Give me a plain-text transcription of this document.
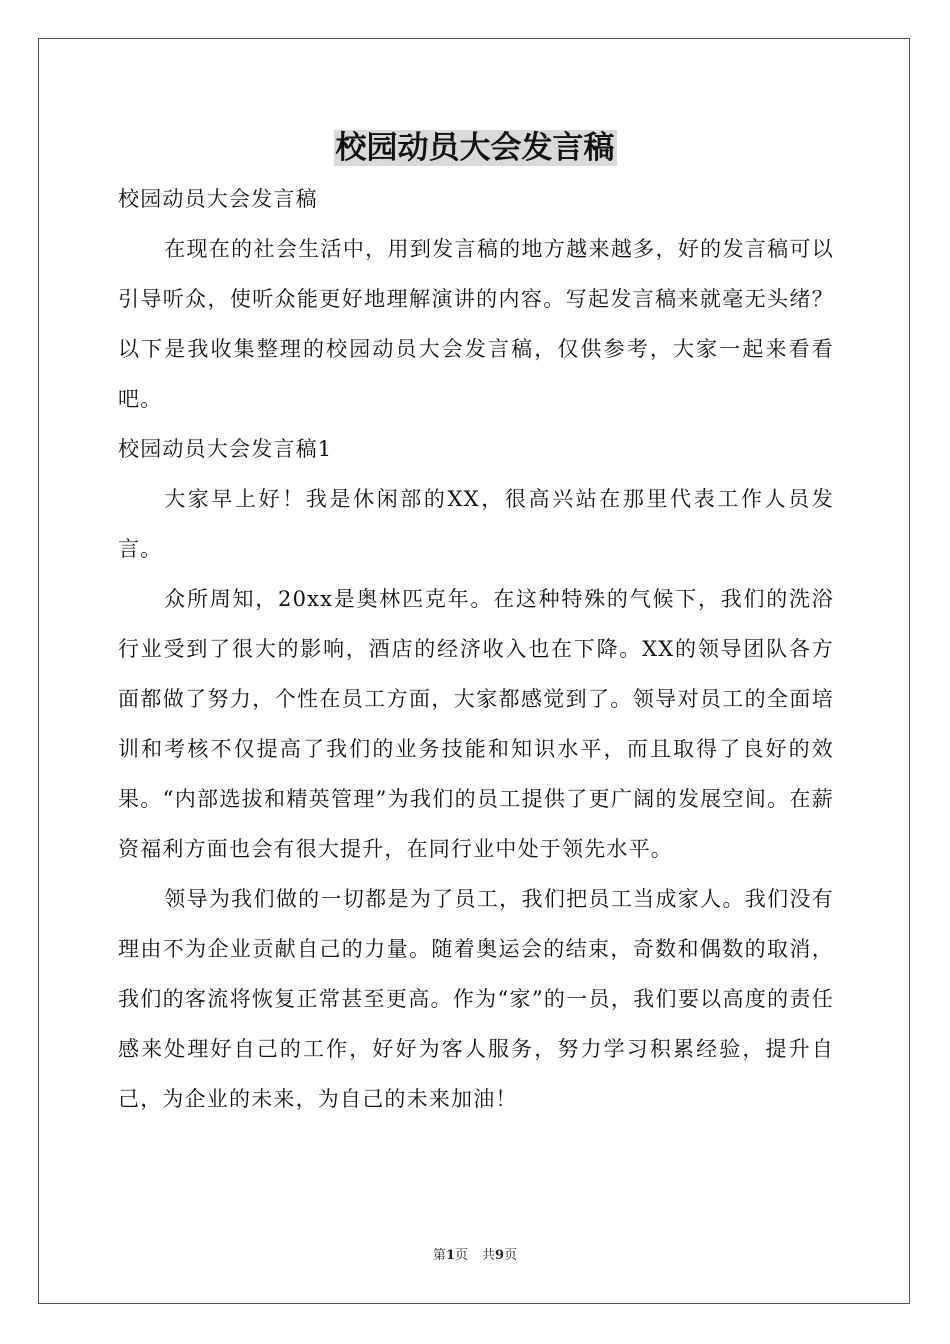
校园动员大会发言稿

校园动员大会发言稿

在现在的社会生活中，用到发言稿的地方越来越多，好的发言稿可以引导听众，使听众能更好地理解演讲的内容。写起发言稿来就毫无头绪？以下是我收集整理的校园动员大会发言稿，仅供参考，大家一起来看看吧。

校园动员大会发言稿1

大家早上好！我是休闲部的XX，很高兴站在那里代表工作人员发言。

众所周知，20xx是奥林匹克年。在这种特殊的气候下，我们的洗浴行业受到了很大的影响，酒店的经济收入也在下降。XX的领导团队各方面都做了努力，个性在员工方面，大家都感觉到了。领导对员工的全面培训和考核不仅提高了我们的业务技能和知识水平，而且取得了良好的效果。“内部选拔和精英管理”为我们的员工提供了更广阔的发展空间。在薪资福利方面也会有很大提升，在同行业中处于领先水平。

领导为我们做的一切都是为了员工，我们把员工当成家人。我们没有理由不为企业贡献自己的力量。随着奥运会的结束，奇数和偶数的取消，我们的客流将恢复正常甚至更高。作为“家”的一员，我们要以高度的责任感来处理好自己的工作，好好为客人服务，努力学习积累经验，提升自己，为企业的未来，为自己的未来加油！

第1页 共9页
